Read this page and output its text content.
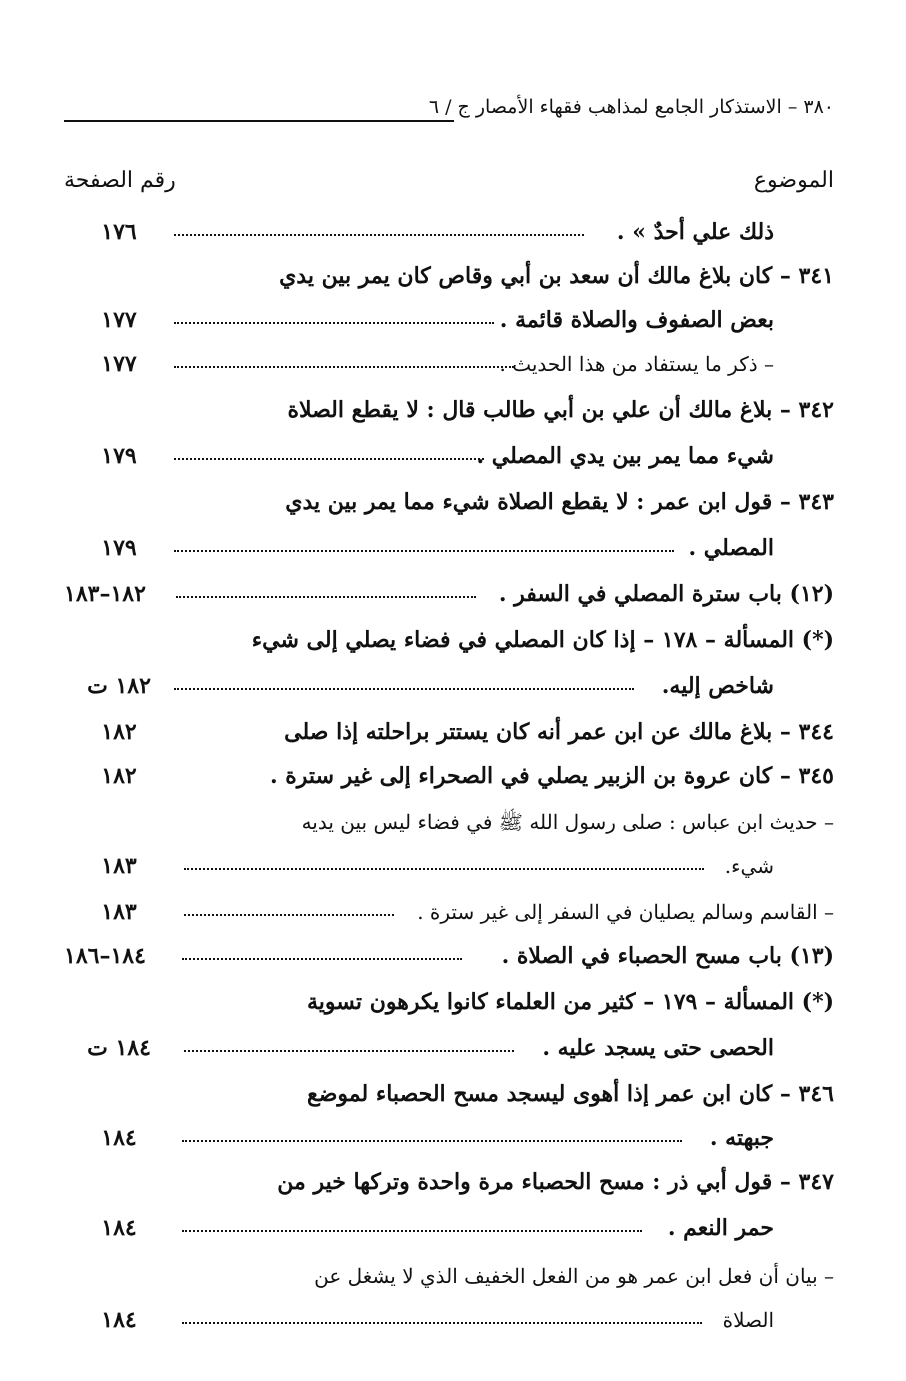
٣٨٠ – الاستذكار الجامع لمذاهب فقهاء الأمصار ج / ٦
الموضوع
رقم الصفحة
ذلك علي أحدٌ » .
١٧٦
٣٤١ – كان بلاغ مالك أن سعد بن أبي وقاص كان يمر بين يدي
بعض الصفوف والصلاة قائمة .
١٧٧
– ذكر ما يستفاد من هذا الحديث .
١٧٧
٣٤٢ – بلاغ مالك أن علي بن أبي طالب قال : لا يقطع الصلاة
شيء مما يمر بين يدي المصلي .
١٧٩
٣٤٣ – قول ابن عمر : لا يقطع الصلاة شيء مما يمر بين يدي
المصلي .
١٧٩
(١٢) باب سترة المصلي في السفر .
١٨٢–١٨٣
(*) المسألة – ١٧٨ – إذا كان المصلي في فضاء يصلي إلى شيء
شاخص إليه.
١٨٢ ت
٣٤٤ – بلاغ مالك عن ابن عمر أنه كان يستتر براحلته إذا صلى
١٨٢
٣٤٥ – كان عروة بن الزبير يصلي في الصحراء إلى غير سترة .
١٨٢
– حديث ابن عباس : صلى رسول الله ﷺ في فضاء ليس بين يديه
شيء.
١٨٣
– القاسم وسالم يصليان في السفر إلى غير سترة .
١٨٣
(١٣) باب مسح الحصباء في الصلاة .
١٨٤–١٨٦
(*) المسألة – ١٧٩ – كثير من العلماء كانوا يكرهون تسوية
الحصى حتى يسجد عليه .
١٨٤ ت
٣٤٦ – كان ابن عمر إذا أهوى ليسجد مسح الحصباء لموضع
جبهته .
١٨٤
٣٤٧ – قول أبي ذر : مسح الحصباء مرة واحدة وتركها خير من
حمر النعم .
١٨٤
– بيان أن فعل ابن عمر هو من الفعل الخفيف الذي لا يشغل عن
الصلاة
١٨٤
